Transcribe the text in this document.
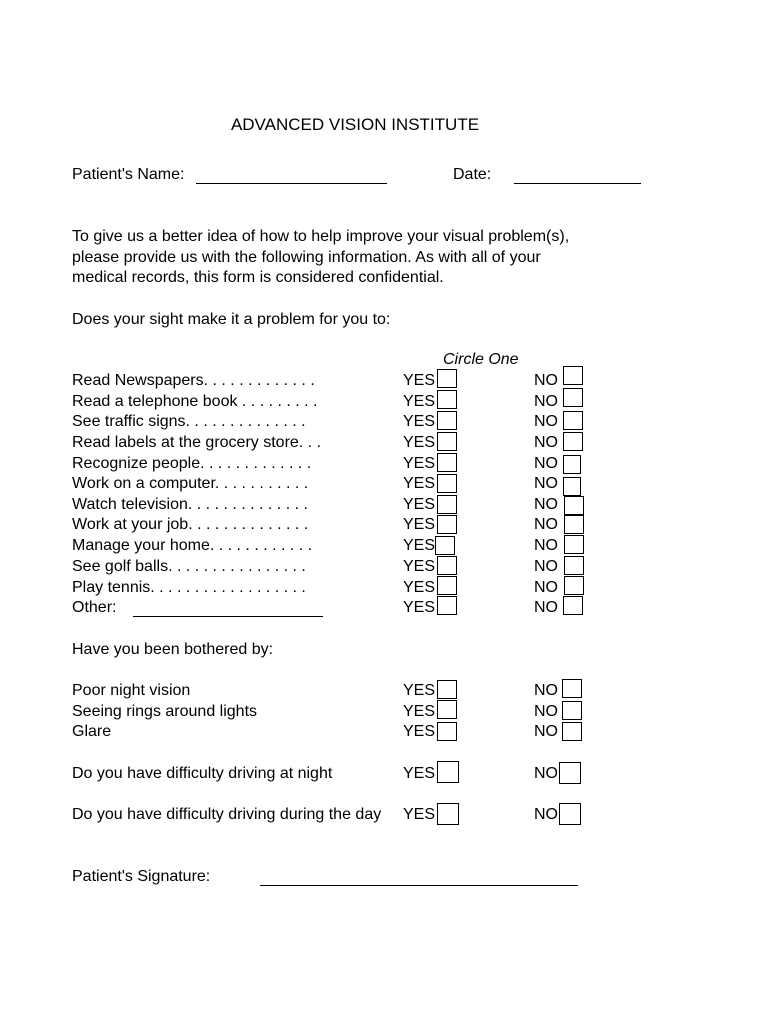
ADVANCED VISION INSTITUTE
Patient's Name:	Date:
To give us a better idea of how to help improve your visual problem(s), please provide us with the following information. As with all of your medical records, this form is considered confidential.
Does your sight make it a problem for you to:
Circle One
Read Newspapers. . . . . . . . . . . . .	YES	NO
Read a telephone book . . . . . . . . .	YES	NO
See traffic signs. . . . . . . . . . . . . .	YES	NO
Read labels at the grocery store. . .	YES	NO
Recognize people. . . . . . . . . . . . .	YES	NO
Work on a computer. . . . . . . . . . .	YES	NO
Watch television. . . . . . . . . . . . . .	YES	NO
Work at your job. . . . . . . . . . . . . .	YES	NO
Manage your home. . . . . . . . . . . .	YES	NO
See golf balls. . . . . . . . . . . . . . . .	YES	NO
Play tennis. . . . . . . . . . . . . . . . . .	YES	NO
Other:	YES	NO
Have you been bothered by:
Poor night vision	YES	NO
Seeing rings around lights	YES	NO
Glare	YES	NO
Do you have difficulty driving at night	YES	NO
Do you have difficulty driving during the day YES	NO
Patient's Signature:
